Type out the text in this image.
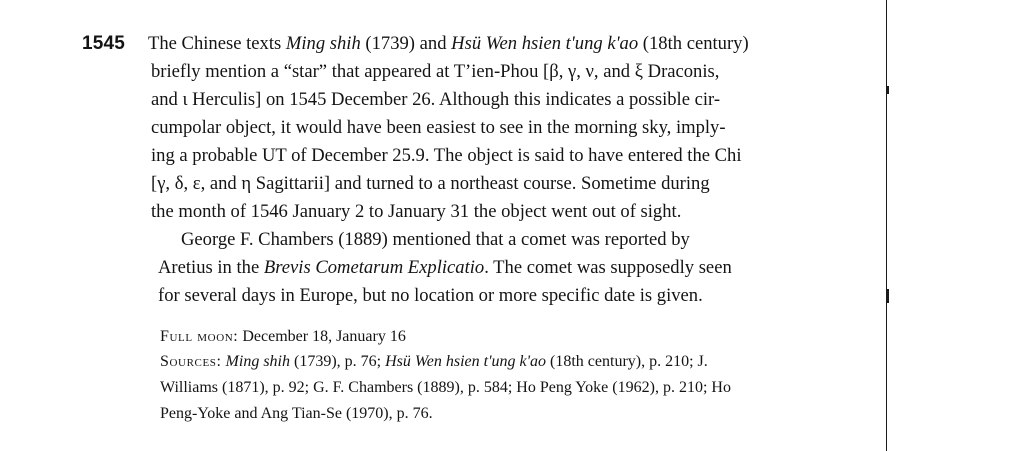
1545 The Chinese texts Ming shih (1739) and Hsü Wen hsien t'ung k'ao (18th century)
briefly mention a “star” that appeared at T’ien-Phou [β, γ, ν, and ξ Draconis,
and ι Herculis] on 1545 December 26. Although this indicates a possible cir-
cumpolar object, it would have been easiest to see in the morning sky, imply-
ing a probable UT of December 25.9. The object is said to have entered the Chi
[γ, δ, ε, and η Sagittarii] and turned to a northeast course. Sometime during
the month of 1546 January 2 to January 31 the object went out of sight.
George F. Chambers (1889) mentioned that a comet was reported by
Aretius in the Brevis Cometarum Explicatio. The comet was supposedly seen
for several days in Europe, but no location or more specific date is given.
Full moon: December 18, January 16
Sources: Ming shih (1739), p. 76; Hsü Wen hsien t'ung k'ao (18th century), p. 210; J.
Williams (1871), p. 92; G. F. Chambers (1889), p. 584; Ho Peng Yoke (1962), p. 210; Ho
Peng-Yoke and Ang Tian-Se (1970), p. 76.
